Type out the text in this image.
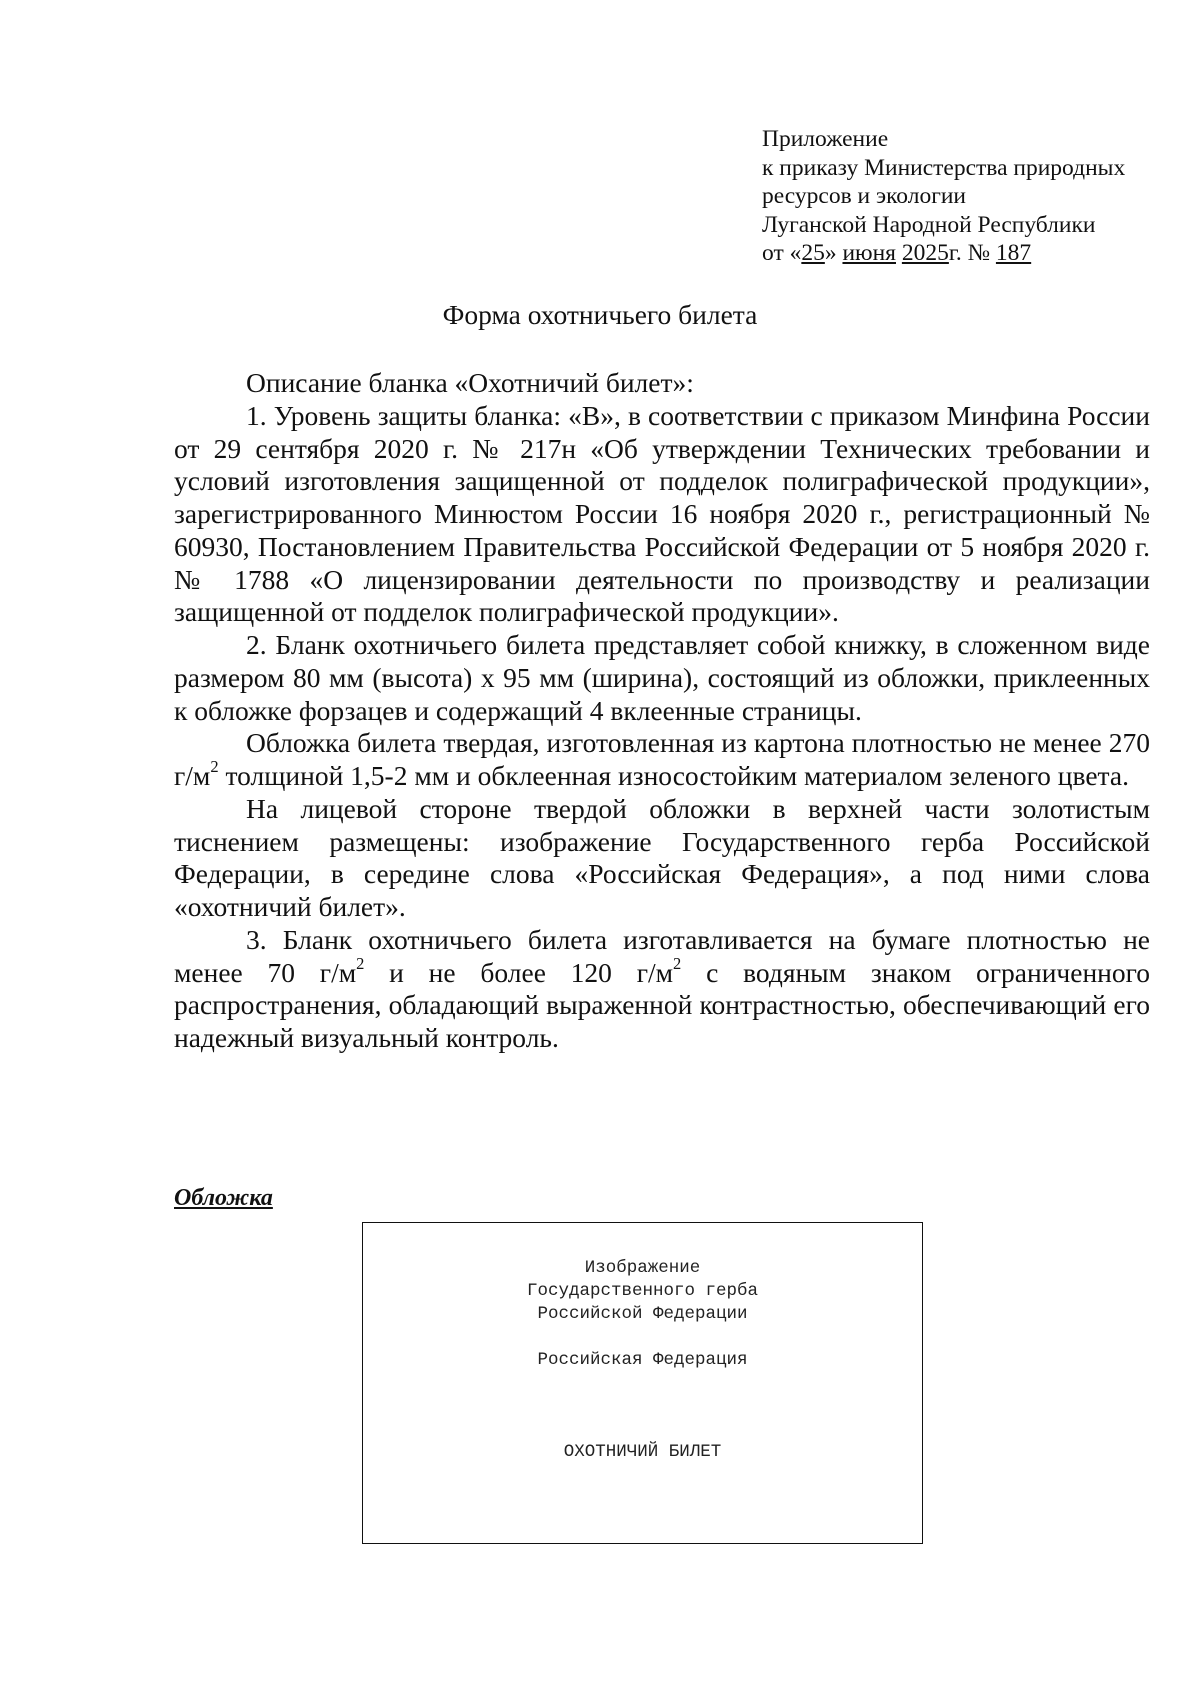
Приложение
к приказу Министерства природных
ресурсов и экологии
Луганской Народной Республики
от «25» июня 2025г. № 187
Форма охотничьего билета

Описание бланка «Охотничий билет»:

1. Уровень защиты бланка: «В», в соответствии с приказом Минфина России от 29 сентября 2020 г. № 217н «Об утверждении Технических требовании и условий изготовления защищенной от подделок полиграфической продукции», зарегистрированного Минюстом России 16 ноября 2020 г., регистрационный № 60930, Постановлением Правительства Российской Федерации от 5 ноября 2020 г. № 1788 «О лицензировании деятельности по производству и реализации защищенной от подделок полиграфической продукции».

2. Бланк охотничьего билета представляет собой книжку, в сложенном виде размером 80 мм (высота) х 95 мм (ширина), состоящий из обложки, приклеенных к обложке форзацев и содержащий 4 вклеенные страницы.

Обложка билета твердая, изготовленная из картона плотностью не менее 270 $г/м^2$ толщиной 1,5-2 мм и обклеенная износостойким материалом зеленого цвета.

На лицевой стороне твердой обложки в верхней части золотистым тиснением размещены: изображение Государственного герба Российской Федерации, в середине слова «Российская Федерация», а под ними слова «охотничий билет».

3. Бланк охотничьего билета изготавливается на бумаге плотностью не менее 70 $г/м^2$ и не более 120 $г/м^2$ с водяным знаком ограниченного распространения, обладающий выраженной контрастностью, обеспечивающий его надежный визуальный контроль.

Обложка
Изображение
Государственного герба
Российской Федерации
Российская Федерация
ОХОТНИЧИЙ БИЛЕТ
